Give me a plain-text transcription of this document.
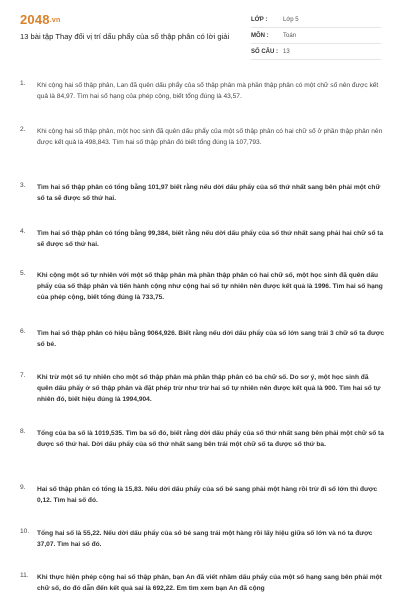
2048.vn
13 bài tập Thay đổi vị trí dấu phẩy của số thập phân có lời giải
LỚP :	Lớp 5
MÔN :	Toán
SỐ CÂU : 13
1. Khi cộng hai số thập phân, Lan đã quên dấu phẩy của số thập phân mà phần thập phân có một chữ số nên được kết quả là 84,97. Tìm hai số hạng của phép cộng, biết tổng đúng là 43,57.
2. Khi cộng hai số thập phân, một học sinh đã quên dấu phẩy của một số thập phân có hai chữ số ở phần thập phân nên được kết quả là 498,843. Tìm hai số thập phân đó biết tổng đúng là 107,793.
3. Tìm hai số thập phân có tổng bằng 101,97 biết rằng nếu dời dấu phẩy của số thứ nhất sang bên phải một chữ số ta sẽ được số thứ hai.
4. Tìm hai số thập phân có tổng bằng 99,384, biết rằng nếu dời dấu phẩy của số thứ nhất sang phải hai chữ số ta sẽ được số thứ hai.
5. Khi cộng một số tự nhiên với một số thập phân mà phần thập phân có hai chữ số, một học sinh đã quên dấu phẩy của số thập phân và tiến hành cộng như cộng hai số tự nhiên nên được kết quả là 1996. Tìm hai số hạng của phép cộng, biết tổng đúng là 733,75.
6. Tìm hai số thập phân có hiệu bằng 9064,926. Biết rằng nếu dời dấu phẩy của số lớn sang trái 3 chữ số ta được số bé.
7. Khi trừ một số tự nhiên cho một số thập phân mà phần thập phân có ba chữ số. Do sơ ý, một học sinh đã quên dấu phẩy ở số thập phân và đặt phép trừ như trừ hai số tự nhiên nên được kết quả là 900. Tìm hai số tự nhiên đó, biết hiệu đúng là 1994,904.
8. Tổng của ba số là 1019,535. Tìm ba số đó, biết rằng dời dấu phẩy của số thứ nhất sang bên phải một chữ số ta được số thứ hai. Dời dấu phẩy của số thứ nhất sang bên trái một chữ số ta được số thứ ba.
9. Hai số thập phân có tổng là 15,83. Nếu dời dấu phẩy của số bé sang phải một hàng rồi trừ đi số lớn thì được 0,12. Tìm hai số đó.
10. Tổng hai số là 55,22. Nếu dời dấu phẩy của số bé sang trái một hàng rồi lấy hiệu giữa số lớn và nó ta được 37,07. Tìm hai số đó.
11. Khi thực hiện phép cộng hai số thập phân, bạn An đã viết nhầm dấu phẩy của một số hạng sang bên phải một chữ số, do đó dẫn đến kết quả sai là 692,22. Em tìm xem bạn An đã cộng
